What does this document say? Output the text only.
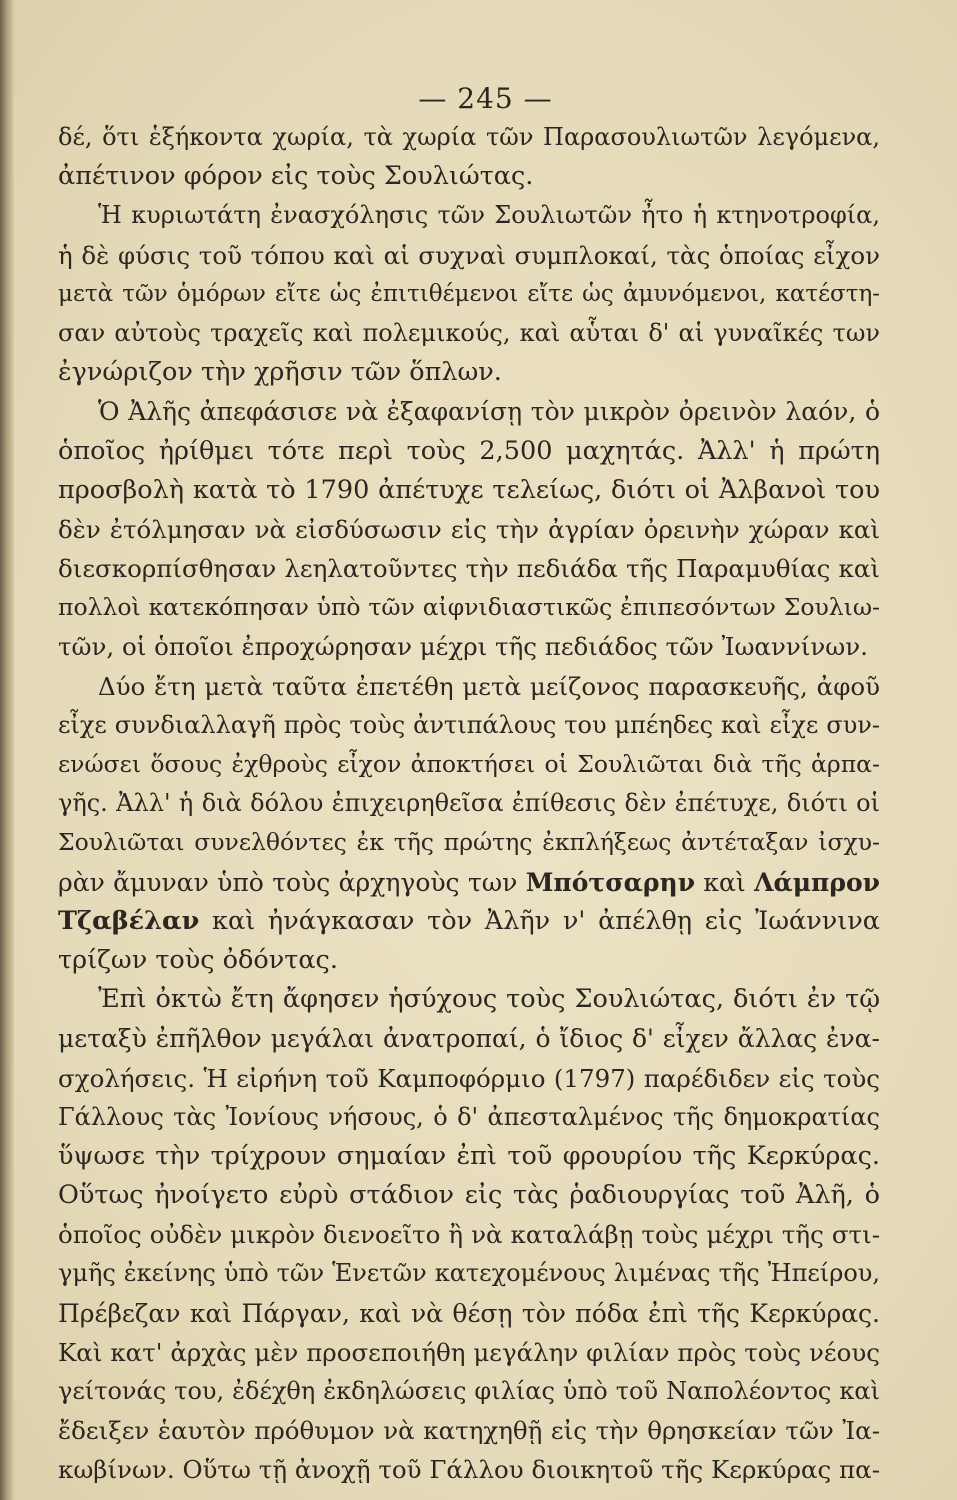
— 245 —
δέ, ὅτι ἑξήκοντα χωρία, τὰ χωρία τῶν Παρασουλιωτῶν λεγόμενα,
ἀπέτινον φόρον εἰς τοὺς Σουλιώτας.
Ἡ κυριωτάτη ἐνασχόλησις τῶν Σουλιωτῶν ἦτο ἡ κτηνοτροφία,
ἡ δὲ φύσις τοῦ τόπου καὶ αἱ συχναὶ συμπλοκαί, τὰς ὁποίας εἶχον
μετὰ τῶν ὁμόρων εἴτε ὡς ἐπιτιθέμενοι εἴτε ὡς ἀμυνόμενοι, κατέστη-
σαν αὐτοὺς τραχεῖς καὶ πολεμικούς, καὶ αὗται δ' αἱ γυναῖκές των
ἐγνώριζον τὴν χρῆσιν τῶν ὅπλων.
Ὁ Ἀλῆς ἀπεφάσισε νὰ ἐξαφανίσῃ τὸν μικρὸν ὀρεινὸν λαόν, ὁ
ὁποῖος ἠρίθμει τότε περὶ τοὺς 2,500 μαχητάς. Ἀλλ' ἡ πρώτη
προσβολὴ κατὰ τὸ 1790 ἀπέτυχε τελείως, διότι οἱ Ἀλβανοὶ του
δὲν ἐτόλμησαν νὰ εἰσδύσωσιν εἰς τὴν ἀγρίαν ὀρεινὴν χώραν καὶ
διεσκορπίσθησαν λεηλατοῦντες τὴν πεδιάδα τῆς Παραμυθίας καὶ
πολλοὶ κατεκόπησαν ὑπὸ τῶν αἰφνιδιαστικῶς ἐπιπεσόντων Σουλιω-
τῶν, οἱ ὁποῖοι ἐπροχώρησαν μέχρι τῆς πεδιάδος τῶν Ἰωαννίνων.
Δύο ἔτη μετὰ ταῦτα ἐπετέθη μετὰ μείζονος παρασκευῆς, ἀφοῦ
εἶχε συνδιαλλαγῆ πρὸς τοὺς ἀντιπάλους του μπέηδες καὶ εἶχε συν-
ενώσει ὅσους ἐχθροὺς εἶχον ἀποκτήσει οἱ Σουλιῶται διὰ τῆς ἁρπα-
γῆς. Ἀλλ' ἡ διὰ δόλου ἐπιχειρηθεῖσα ἐπίθεσις δὲν ἐπέτυχε, διότι οἱ
Σουλιῶται συνελθόντες ἐκ τῆς πρώτης ἐκπλήξεως ἀντέταξαν ἰσχυ-
ρὰν ἄμυναν ὑπὸ τοὺς ἀρχηγοὺς των Μπότσαρην καὶ Λάμπρον
Τζαβέλαν καὶ ἠνάγκασαν τὸν Ἀλῆν ν' ἀπέλθῃ εἰς Ἰωάννινα
τρίζων τοὺς ὀδόντας.
Ἐπὶ ὀκτὼ ἔτη ἄφησεν ἡσύχους τοὺς Σουλιώτας, διότι ἐν τῷ
μεταξὺ ἐπῆλθον μεγάλαι ἀνατροπαί, ὁ ἴδιος δ' εἶχεν ἄλλας ἐνα-
σχολήσεις. Ἡ εἰρήνη τοῦ Καμποφόρμιο (1797) παρέδιδεν εἰς τοὺς
Γάλλους τὰς Ἰονίους νήσους, ὁ δ' ἀπεσταλμένος τῆς δημοκρατίας
ὕψωσε τὴν τρίχρουν σημαίαν ἐπὶ τοῦ φρουρίου τῆς Κερκύρας.
Οὕτως ἠνοίγετο εὐρὺ στάδιον εἰς τὰς ῥαδιουργίας τοῦ Ἀλῆ, ὁ
ὁποῖος οὐδὲν μικρὸν διενοεῖτο ἢ νὰ καταλάβῃ τοὺς μέχρι τῆς στι-
γμῆς ἐκείνης ὑπὸ τῶν Ἑνετῶν κατεχομένους λιμένας τῆς Ἠπείρου,
Πρέβεζαν καὶ Πάργαν, καὶ νὰ θέσῃ τὸν πόδα ἐπὶ τῆς Κερκύρας.
Καὶ κατ' ἀρχὰς μὲν προσεποιήθη μεγάλην φιλίαν πρὸς τοὺς νέους
γείτονάς του, ἐδέχθη ἐκδηλώσεις φιλίας ὑπὸ τοῦ Ναπολέοντος καὶ
ἔδειξεν ἑαυτὸν πρόθυμον νὰ κατηχηθῇ εἰς τὴν θρησκείαν τῶν Ἰα-
κωβίνων. Οὕτω τῇ ἀνοχῇ τοῦ Γάλλου διοικητοῦ τῆς Κερκύρας πα-
